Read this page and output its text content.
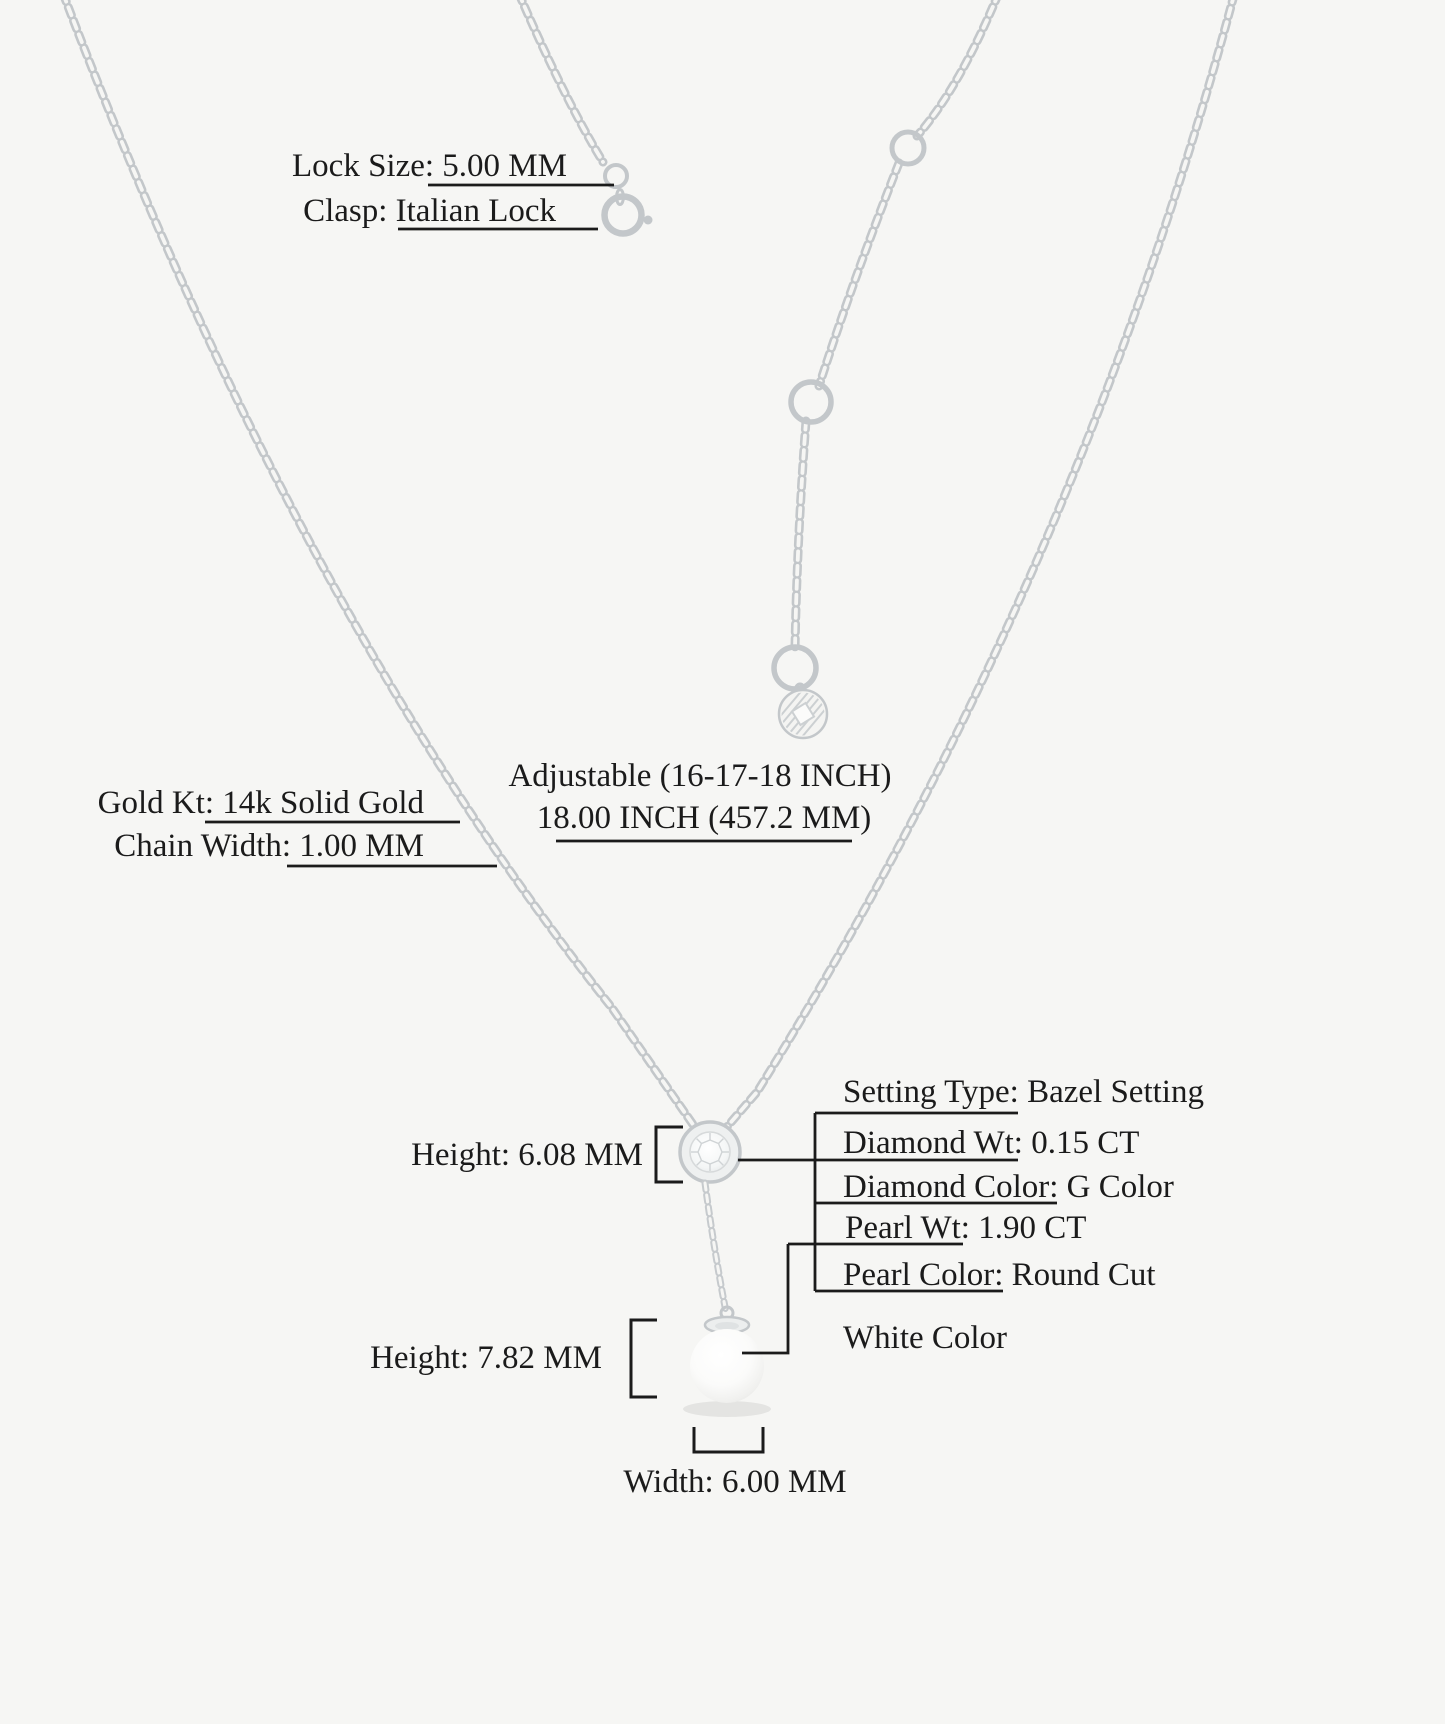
Lock Size: 5.00 MM
Clasp: Italian Lock
Gold Kt: 14k Solid Gold
Chain Width: 1.00 MM
Adjustable (16-17-18 INCH)
18.00 INCH (457.2 MM)
Setting Type: Bazel Setting
Diamond Wt: 0.15 CT
Diamond Color: G Color
Pearl Wt: 1.90 CT
Pearl Color: Round Cut
White Color
Height: 6.08 MM
Height: 7.82 MM
Width: 6.00 MM
